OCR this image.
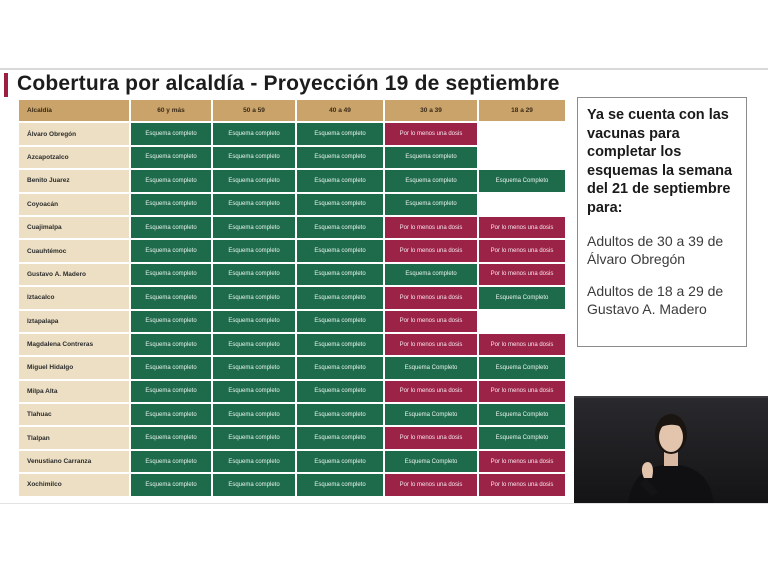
Cobertura por alcaldía - Proyección 19 de septiembre
Alcaldía	60 y más	50 a 59	40 a 49	30 a 39	18 a 29
Álvaro Obregón	Esquema completo	Esquema completo	Esquema completo	Por lo menos una dosis	
Azcapotzalco	Esquema completo	Esquema completo	Esquema completo	Esquema completo	
Benito Juarez	Esquema completo	Esquema completo	Esquema completo	Esquema completo	Esquema Completo
Coyoacán	Esquema completo	Esquema completo	Esquema completo	Esquema completo	
Cuajimalpa	Esquema completo	Esquema completo	Esquema completo	Por lo menos una dosis	Por lo menos una dosis
Cuauhtémoc	Esquema completo	Esquema completo	Esquema completo	Por lo menos una dosis	Por lo menos una dosis
Gustavo A. Madero	Esquema completo	Esquema completo	Esquema completo	Esquema completo	Por lo menos una dosis
Iztacalco	Esquema completo	Esquema completo	Esquema completo	Por lo menos una dosis	Esquema Completo
Iztapalapa	Esquema completo	Esquema completo	Esquema completo	Por lo menos una dosis	
Magdalena Contreras	Esquema completo	Esquema completo	Esquema completo	Por lo menos una dosis	Por lo menos una dosis
Miguel Hidalgo	Esquema completo	Esquema completo	Esquema completo	Esquema Completo	Esquema Completo
Milpa Alta	Esquema completo	Esquema completo	Esquema completo	Por lo menos una dosis	Por lo menos una dosis
Tlahuac	Esquema completo	Esquema completo	Esquema completo	Esquema Completo	Esquema Completo
Tlalpan	Esquema completo	Esquema completo	Esquema completo	Por lo menos una dosis	Esquema Completo
Venustiano Carranza	Esquema completo	Esquema completo	Esquema completo	Esquema Completo	Por lo menos una dosis
Xochimilco	Esquema completo	Esquema completo	Esquema completo	Por lo menos una dosis	Por lo menos una dosis

Ya se cuenta con las vacunas para completar los esquemas la semana del 21 de septiembre para:

Adultos de 30 a 39 de Álvaro Obregón

Adultos de 18 a 29 de Gustavo A. Madero
